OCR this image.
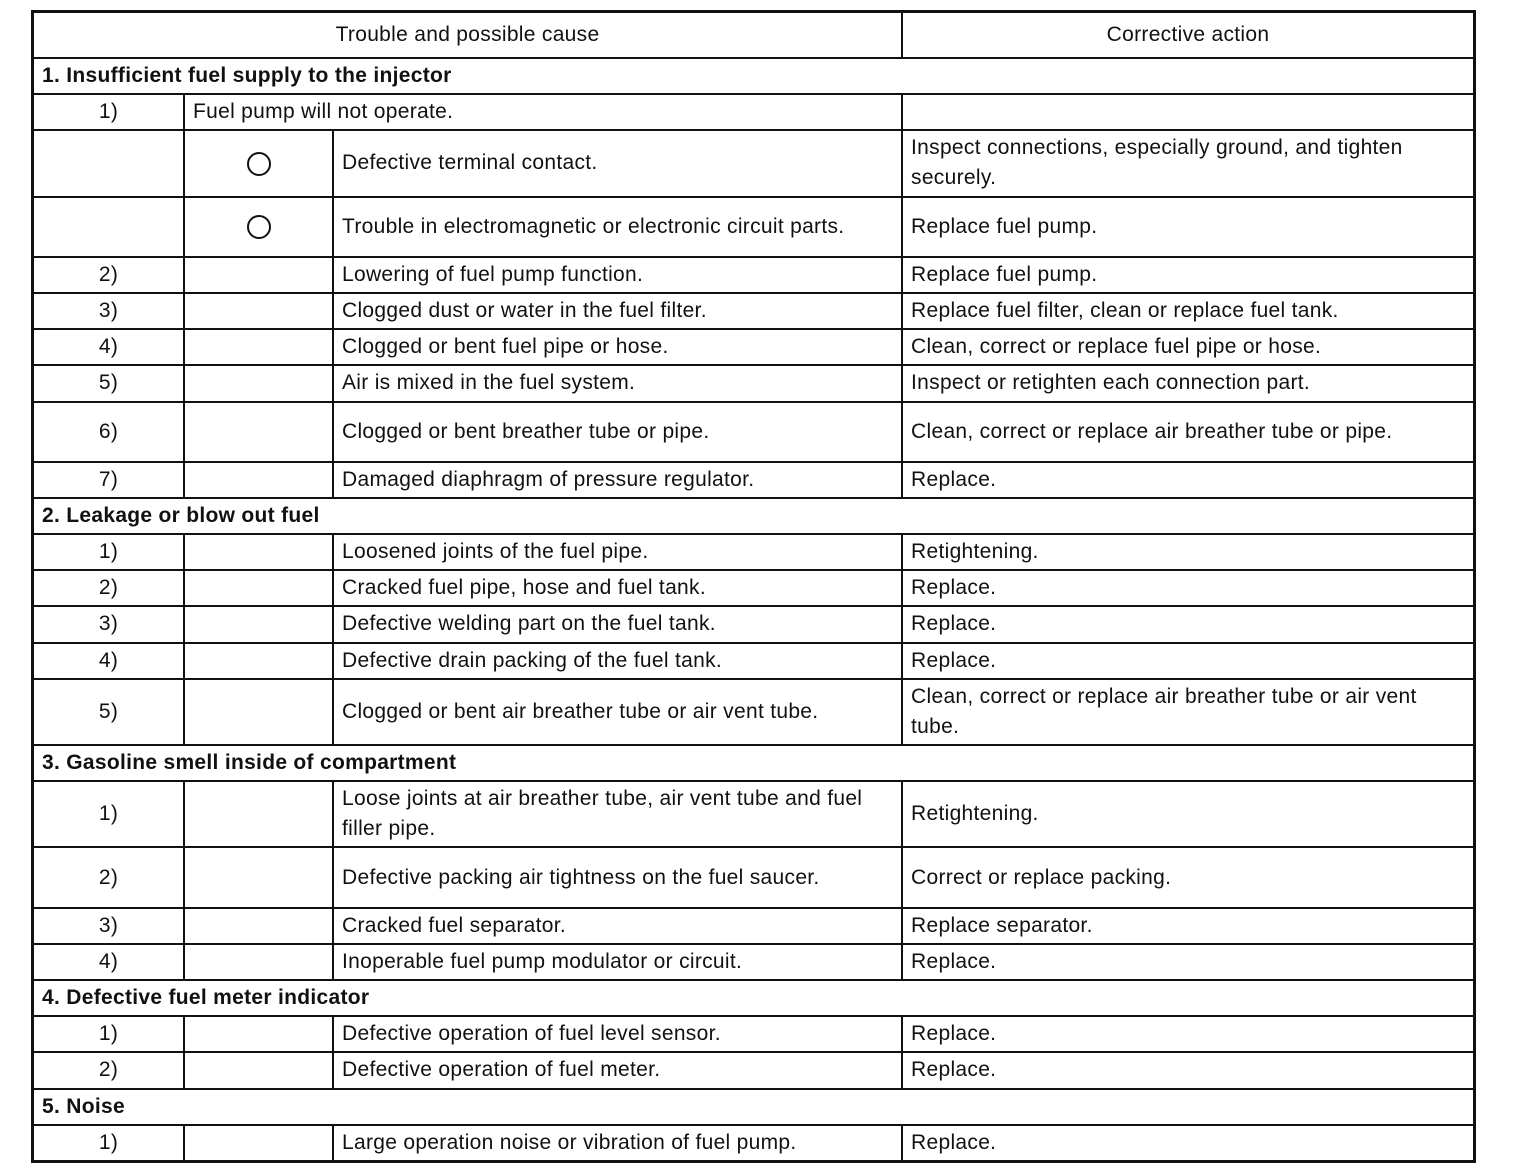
Trouble and possible cause			Corrective action
1. Insufficient fuel supply to the injector			
1)	Fuel pump will not operate.		
		Defective terminal contact.	Inspect connections, especially ground, and tighten securely.
		Trouble in electromagnetic or electronic circuit parts.	Replace fuel pump.
2)		Lowering of fuel pump function.	Replace fuel pump.
3)		Clogged dust or water in the fuel filter.	Replace fuel filter, clean or replace fuel tank.
4)		Clogged or bent fuel pipe or hose.	Clean, correct or replace fuel pipe or hose.
5)		Air is mixed in the fuel system.	Inspect or retighten each connection part.
6)		Clogged or bent breather tube or pipe.	Clean, correct or replace air breather tube or pipe.
7)		Damaged diaphragm of pressure regulator.	Replace.
2. Leakage or blow out fuel			
1)		Loosened joints of the fuel pipe.	Retightening.
2)		Cracked fuel pipe, hose and fuel tank.	Replace.
3)		Defective welding part on the fuel tank.	Replace.
4)		Defective drain packing of the fuel tank.	Replace.
5)		Clogged or bent air breather tube or air vent tube.	Clean, correct or replace air breather tube or air vent tube.
3. Gasoline smell inside of compartment			
1)		Loose joints at air breather tube, air vent tube and fuel filler pipe.	Retightening.
2)		Defective packing air tightness on the fuel saucer.	Correct or replace packing.
3)		Cracked fuel separator.	Replace separator.
4)		Inoperable fuel pump modulator or circuit.	Replace.
4. Defective fuel meter indicator			
1)		Defective operation of fuel level sensor.	Replace.
2)		Defective operation of fuel meter.	Replace.
5. Noise			
1)		Large operation noise or vibration of fuel pump.	Replace.
